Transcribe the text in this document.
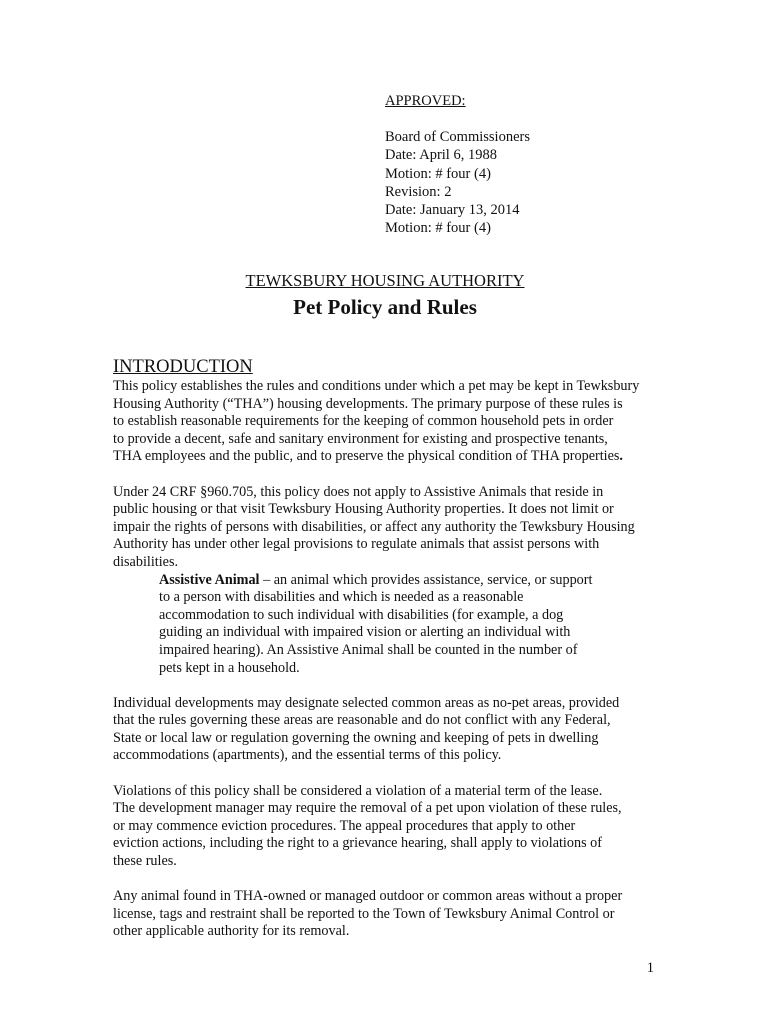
APPROVED:
Board of Commissioners
Date: April 6, 1988
Motion: # four (4)
Revision: 2
Date: January 13, 2014
Motion: # four (4)
TEWKSBURY HOUSING AUTHORITY
Pet Policy and Rules
INTRODUCTION

This policy establishes the rules and conditions under which a pet may be kept in Tewksbury
Housing Authority (“THA”) housing developments. The primary purpose of these rules is
to establish reasonable requirements for the keeping of common household pets in order
to provide a decent, safe and sanitary environment for existing and prospective tenants,
THA employees and the public, and to preserve the physical condition of THA properties.

Under 24 CRF §960.705, this policy does not apply to Assistive Animals that reside in
public housing or that visit Tewksbury Housing Authority properties. It does not limit or
impair the rights of persons with disabilities, or affect any authority the Tewksbury Housing
Authority has under other legal provisions to regulate animals that assist persons with
disabilities.
Assistive Animal – an animal which provides assistance, service, or support
to a person with disabilities and which is needed as a reasonable
accommodation to such individual with disabilities (for example, a dog
guiding an individual with impaired vision or alerting an individual with
impaired hearing). An Assistive Animal shall be counted in the number of
pets kept in a household.

Individual developments may designate selected common areas as no-pet areas, provided
that the rules governing these areas are reasonable and do not conflict with any Federal,
State or local law or regulation governing the owning and keeping of pets in dwelling
accommodations (apartments), and the essential terms of this policy.

Violations of this policy shall be considered a violation of a material term of the lease.
The development manager may require the removal of a pet upon violation of these rules,
or may commence eviction procedures. The appeal procedures that apply to other
eviction actions, including the right to a grievance hearing, shall apply to violations of
these rules.

Any animal found in THA-owned or managed outdoor or common areas without a proper
license, tags and restraint shall be reported to the Town of Tewksbury Animal Control or
other applicable authority for its removal.

1
